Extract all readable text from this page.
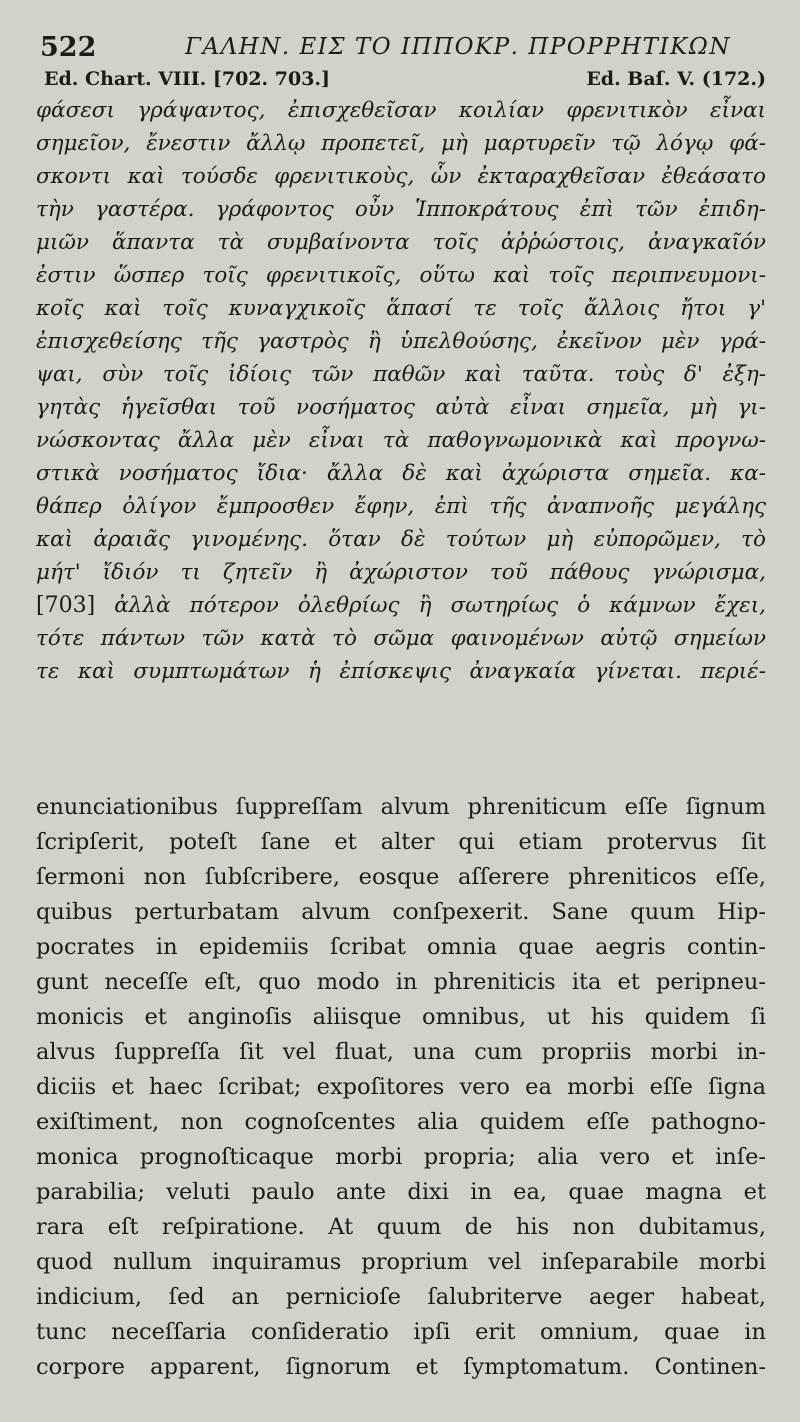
522	ΓΑΛΗΝ. ΕΙΣ ΤΟ ΙΠΠΟΚΡ. ΠΡΟΡΡΗΤΙΚΩΝ
Ed. Chart. VIII. [702. 703.]	Ed. Baſ. V. (172.)
φάσεσι γράψαντος, ἐπισχεθεῖσαν κοιλίαν φρενιτικὸν εἶναι
σημεῖον, ἔνεστιν ἄλλῳ προπετεῖ, μὴ μαρτυρεῖν τῷ λόγῳ φά-
σκοντι καὶ τούσδε φρενιτικοὺς, ὧν ἐκταραχθεῖσαν ἐθεάσατο
τὴν γαστέρα. γράφοντος οὖν Ἱπποκράτους ἐπὶ τῶν ἐπιδη-
μιῶν ἅπαντα τὰ συμβαίνοντα τοῖς ἀῤῥώστοις, ἀναγκαῖόν
ἐστιν ὥσπερ τοῖς φρενιτικοῖς, οὕτω καὶ τοῖς περιπνευμονι-
κοῖς καὶ τοῖς κυναγχικοῖς ἅπασί τε τοῖς ἄλλοις ἤτοι γ'
ἐπισχεθείσης τῆς γαστρὸς ἢ ὑπελθούσης, ἐκεῖνον μὲν γρά-
ψαι, σὺν τοῖς ἰδίοις τῶν παθῶν καὶ ταῦτα. τοὺς δ' ἐξη-
γητὰς ἡγεῖσθαι τοῦ νοσήματος αὐτὰ εἶναι σημεῖα, μὴ γι-
νώσκοντας ἄλλα μὲν εἶναι τὰ παθογνωμονικὰ καὶ προγνω-
στικὰ νοσήματος ἴδια· ἄλλα δὲ καὶ ἀχώριστα σημεῖα. κα-
θάπερ ὀλίγον ἔμπροσθεν ἔφην, ἐπὶ τῆς ἀναπνοῆς μεγάλης
καὶ ἀραιᾶς γινομένης. ὅταν δὲ τούτων μὴ εὐπορῶμεν, τὸ
μήτ' ἴδιόν τι ζητεῖν ἢ ἀχώριστον τοῦ πάθους γνώρισμα,
[703] ἀλλὰ πότερον ὀλεθρίως ἢ σωτηρίως ὁ κάμνων ἔχει,
τότε πάντων τῶν κατὰ τὸ σῶμα φαινομένων αὐτῷ σημείων
τε καὶ συμπτωμάτων ἡ ἐπίσκεψις ἀναγκαία γίνεται. περιέ-
enunciationibus ſuppreſſam alvum phreniticum eſſe ſignum
ſcripſerit, poteſt ſane et alter qui etiam protervus ſit
ſermoni non ſubſcribere, eosque aſſerere phreniticos eſſe,
quibus perturbatam alvum conſpexerit. Sane quum Hip-
pocrates in epidemiis ſcribat omnia quae aegris contin-
gunt neceſſe eſt, quo modo in phreniticis ita et peripneu-
monicis et anginoſis aliisque omnibus, ut his quidem ſi
alvus ſuppreſſa ſit vel fluat, una cum propriis morbi in-
diciis et haec ſcribat; expoſitores vero ea morbi eſſe ſigna
exiſtiment, non cognoſcentes alia quidem eſſe pathogno-
monica prognoſticaque morbi propria; alia vero et inſe-
parabilia; veluti paulo ante dixi in ea, quae magna et
rara eſt reſpiratione. At quum de his non dubitamus,
quod nullum inquiramus proprium vel inſeparabile morbi
indicium, ſed an pernicioſe ſalubriterve aeger habeat,
tunc neceſſaria conſideratio ipſi erit omnium, quae in
corpore apparent, ſignorum et ſymptomatum. Continen-
